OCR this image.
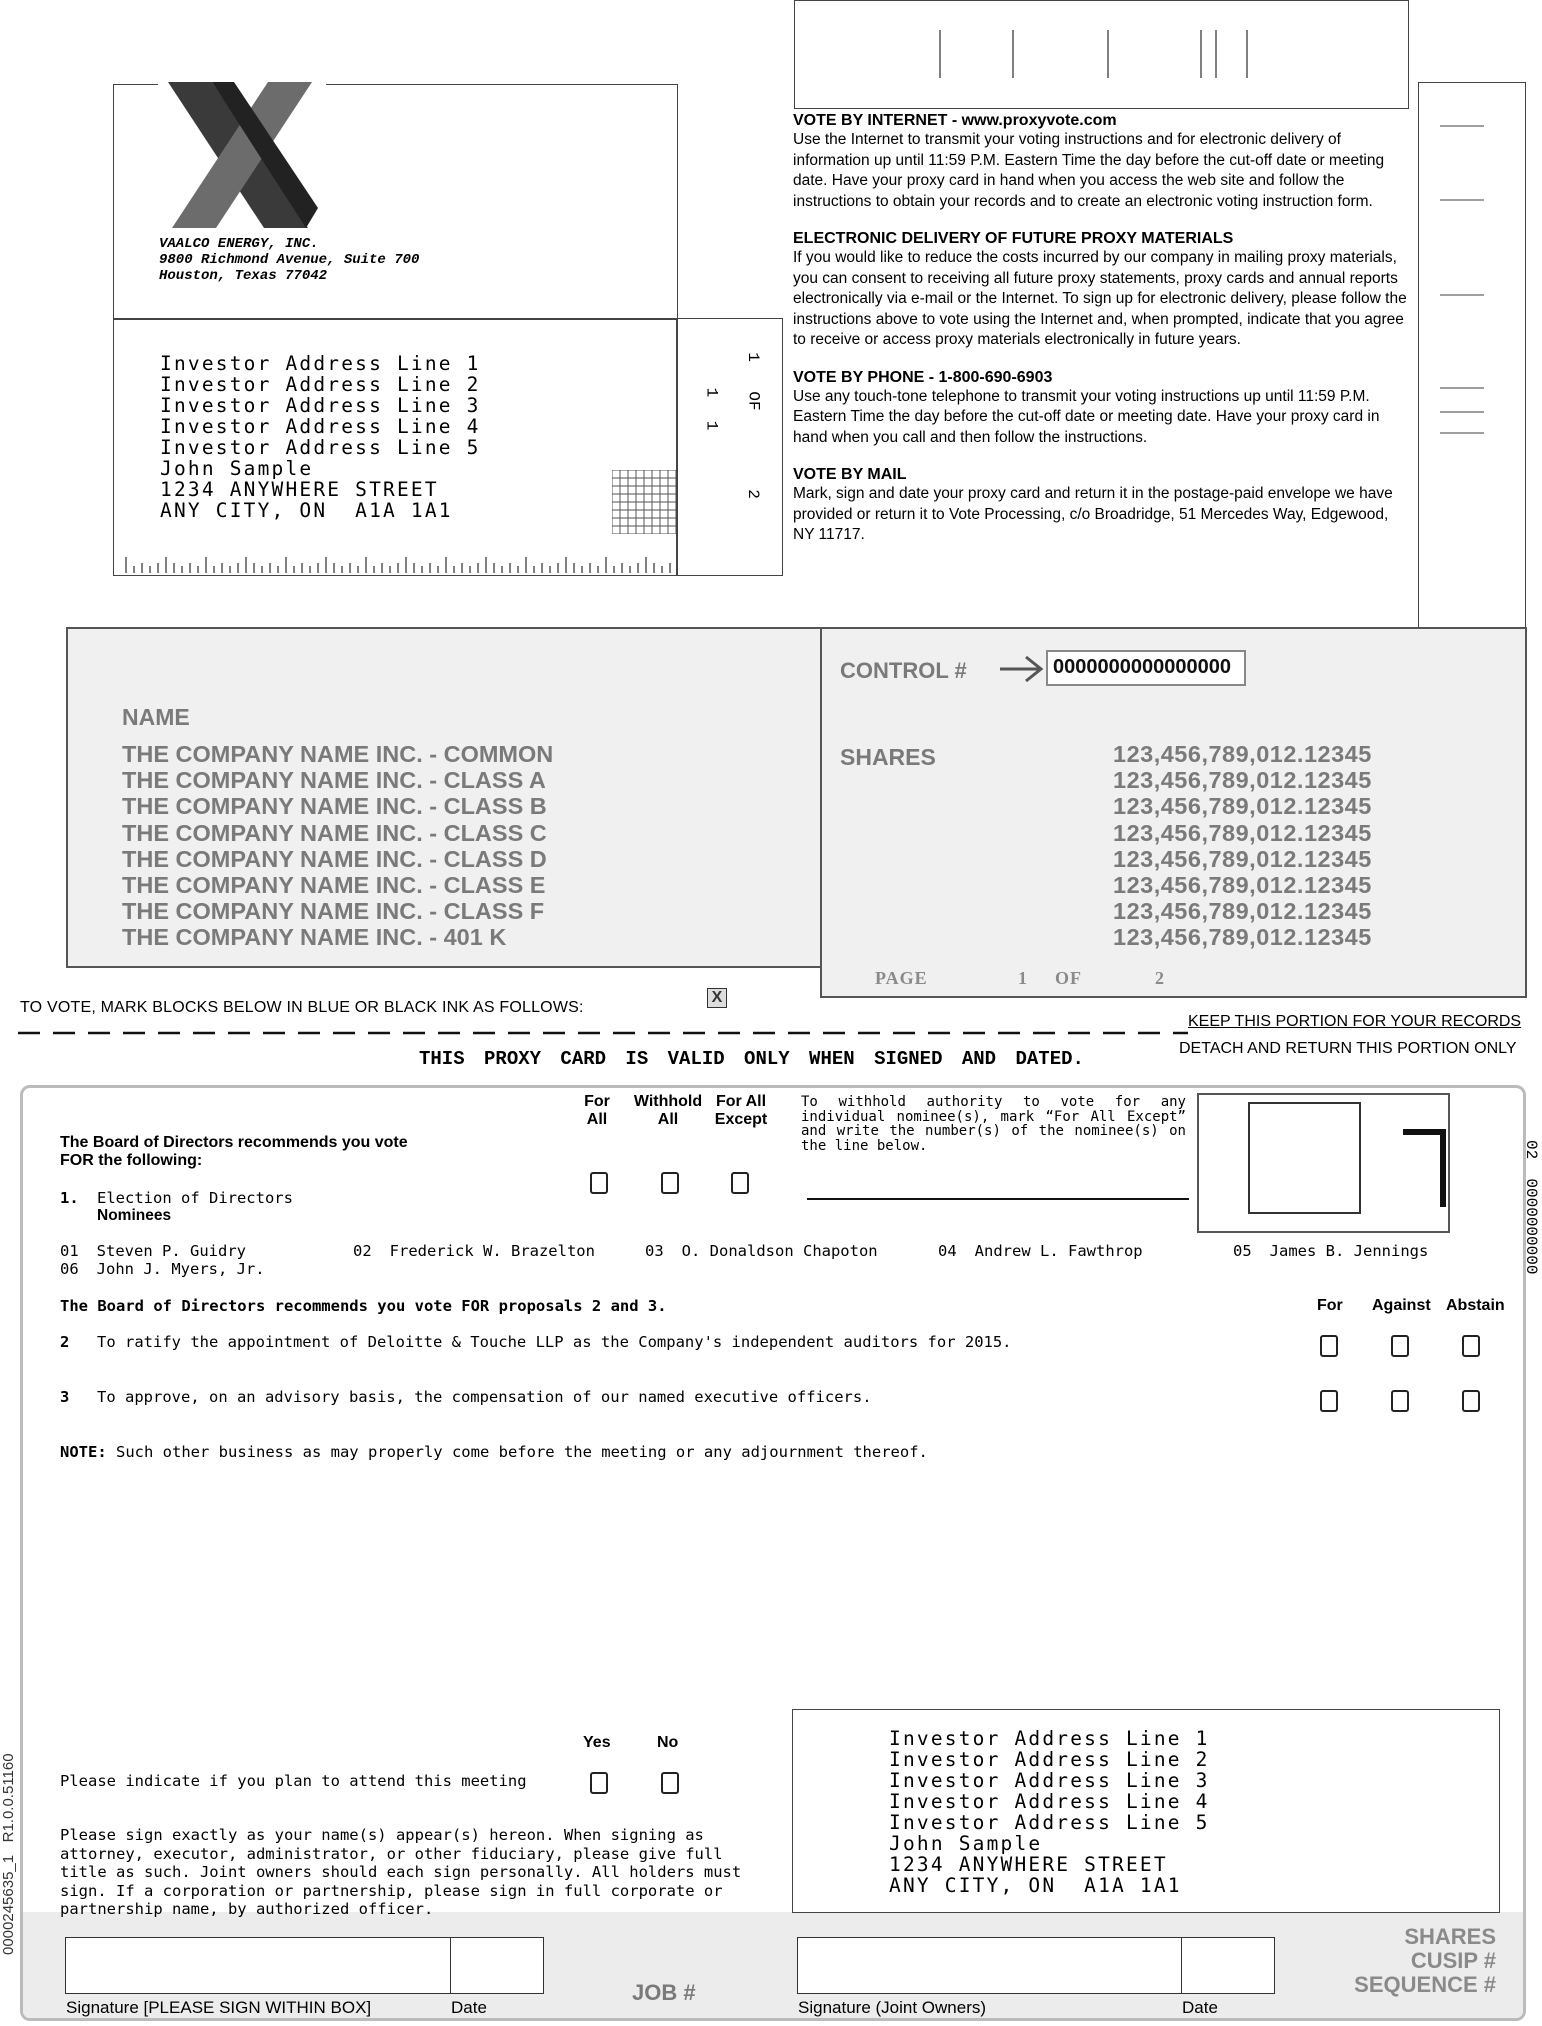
VAALCO ENERGY, INC.
9800 Richmond Avenue, Suite 700
Houston, Texas 77042
Investor Address Line 1
Investor Address Line 2
Investor Address Line 3
Investor Address Line 4
Investor Address Line 5
John Sample
1234 ANYWHERE STREET
ANY CITY, ON  A1A 1A1
1
OF
1 1
2
VOTE BY INTERNET - www.proxyvote.com

Use the Internet to transmit your voting instructions and for electronic delivery of information up until 11:59 P.M. Eastern Time the day before the cut-off date or meeting date. Have your proxy card in hand when you access the web site and follow the instructions to obtain your records and to create an electronic voting instruction form.

ELECTRONIC DELIVERY OF FUTURE PROXY MATERIALS

If you would like to reduce the costs incurred by our company in mailing proxy materials, you can consent to receiving all future proxy statements, proxy cards and annual reports electronically via e-mail or the Internet. To sign up for electronic delivery, please follow the instructions above to vote using the Internet and, when prompted, indicate that you agree to receive or access proxy materials electronically in future years.

VOTE BY PHONE - 1-800-690-6903

Use any touch-tone telephone to transmit your voting instructions up until 11:59 P.M. Eastern Time the day before the cut-off date or meeting date. Have your proxy card in hand when you call and then follow the instructions.

VOTE BY MAIL

Mark, sign and date your proxy card and return it in the postage-paid envelope we have provided or return it to Vote Processing, c/o Broadridge, 51 Mercedes Way, Edgewood, NY 11717.

NAME
THE COMPANY NAME INC. - COMMON
THE COMPANY NAME INC. - CLASS A
THE COMPANY NAME INC. - CLASS B
THE COMPANY NAME INC. - CLASS C
THE COMPANY NAME INC. - CLASS D
THE COMPANY NAME INC. - CLASS E
THE COMPANY NAME INC. - CLASS F
THE COMPANY NAME INC. - 401 K
CONTROL #	0000000000000000
SHARES	123,456,789,012.12345
123,456,789,012.12345
123,456,789,012.12345
123,456,789,012.12345
123,456,789,012.12345
123,456,789,012.12345
123,456,789,012.12345
123,456,789,012.12345
PAGE	1 OF	2
TO VOTE, MARK BLOCKS BELOW IN BLUE OR BLACK INK AS FOLLOWS:
X
KEEP THIS PORTION FOR YOUR RECORDS
DETACH AND RETURN THIS PORTION ONLY
THIS PROXY CARD IS VALID ONLY WHEN SIGNED AND DATED.
For
All
Withhold
All
For All
Except
To withhold authority to vote for any individual nominee(s), mark “For All Except” and write the number(s) of the nominee(s) on the line below.	02  0000000000
The Board of Directors recommends you vote
FOR the following:
1. Election of Directors
Nominees
01 Steven P. Guidry	02 Frederick W. Brazelton	03 O. Donaldson Chapoton	04 Andrew L. Fawthrop	05 James B. Jennings
06 John J. Myers, Jr.
The Board of Directors recommends you vote FOR proposals 2 and 3.	For Against Abstain
2 To ratify the appointment of Deloitte & Touche LLP as the Company's independent auditors for 2015.
3 To approve, on an advisory basis, the compensation of our named executive officers.
NOTE: Such other business as may properly come before the meeting or any adjournment thereof.
Yes	No
Please indicate if you plan to attend this meeting
Please sign exactly as your name(s) appear(s) hereon. When signing as attorney, executor, administrator, or other fiduciary, please give full title as such. Joint owners should each sign personally. All holders must sign. If a corporation or partnership, please sign in full corporate or partnership name, by authorized officer.
Investor Address Line 1
Investor Address Line 2
Investor Address Line 3
Investor Address Line 4
Investor Address Line 5
John Sample
1234 ANYWHERE STREET
ANY CITY, ON  A1A 1A1
Signature [PLEASE SIGN WITHIN BOX]	Date
JOB #
Signature (Joint Owners)	Date
SHARES
CUSIP #
SEQUENCE #
0000245635_1   R1.0.0.51160
